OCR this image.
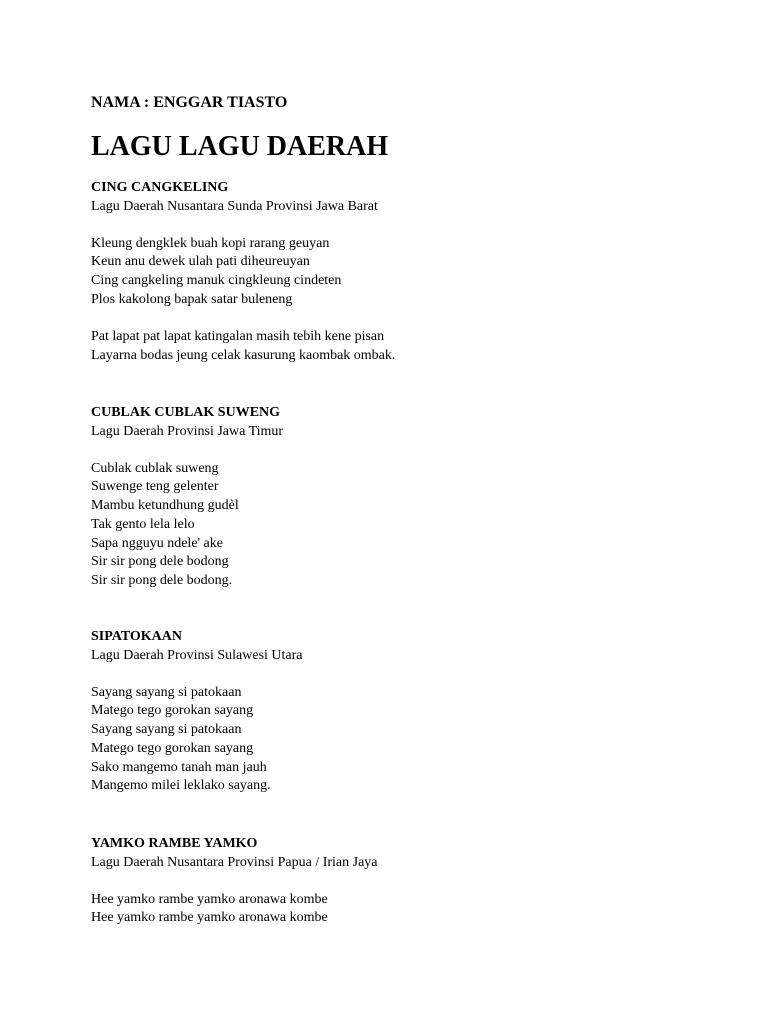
NAMA : ENGGAR TIASTO
LAGU LAGU DAERAH
CING CANGKELING
Lagu Daerah Nusantara Sunda Provinsi Jawa Barat
Kleung dengklek buah kopi rarang geuyan
Keun anu dewek ulah pati diheureuyan
Cing cangkeling manuk cingkleung cindeten
Plos kakolong bapak satar buleneng
Pat lapat pat lapat katingalan masih tebih kene pisan
Layarna bodas jeung celak kasurung kaombak ombak.
CUBLAK CUBLAK SUWENG
Lagu Daerah Provinsi Jawa Timur
Cublak cublak suweng
Suwenge teng gelenter
Mambu ketundhung gudèl
Tak gento lela lelo
Sapa ngguyu ndele' ake
Sir sir pong dele bodong
Sir sir pong dele bodong.
SIPATOKAAN
Lagu Daerah Provinsi Sulawesi Utara
Sayang sayang si patokaan
Matego tego gorokan sayang
Sayang sayang si patokaan
Matego tego gorokan sayang
Sako mangemo tanah man jauh
Mangemo milei leklako sayang.
YAMKO RAMBE YAMKO
Lagu Daerah Nusantara Provinsi Papua / Irian Jaya
Hee yamko rambe yamko aronawa kombe
Hee yamko rambe yamko aronawa kombe
